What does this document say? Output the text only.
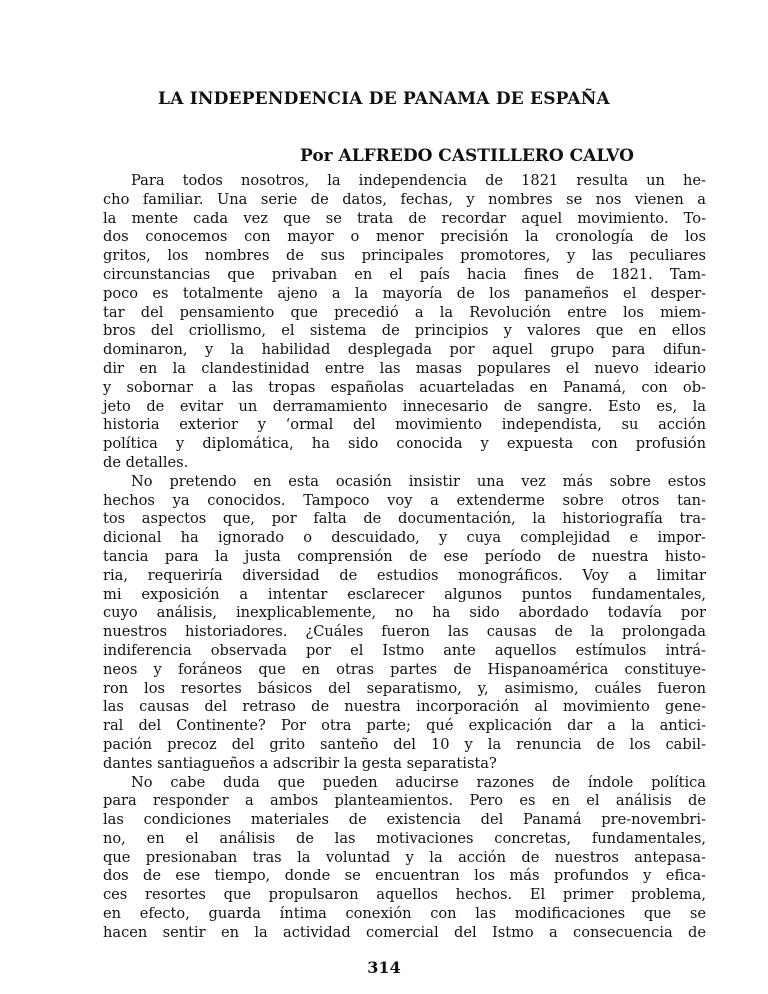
LA INDEPENDENCIA DE PANAMA DE ESPAÑA
Por ALFREDO CASTILLERO CALVO
Para todos nosotros, la independencia de 1821 resulta un he-
cho familiar. Una serie de datos, fechas, y nombres se nos vienen a
la mente cada vez que se trata de recordar aquel movimiento. To-
dos conocemos con mayor o menor precisión la cronología de los
gritos, los nombres de sus principales promotores, y las peculiares
circunstancias que privaban en el país hacia fines de 1821. Tam-
poco es totalmente ajeno a la mayoría de los panameños el desper-
tar del pensamiento que precedió a la Revolución entre los miem-
bros del criollismo, el sistema de principios y valores que en ellos
dominaron, y la habilidad desplegada por aquel grupo para difun-
dir en la clandestinidad entre las masas populares el nuevo ideario
y sobornar a las tropas españolas acuarteladas en Panamá, con ob-
jeto de evitar un derramamiento innecesario de sangre. Esto es, la
historia exterior y ‘ormal del movimiento independista, su acción
política y diplomática, ha sido conocida y expuesta con profusión
de detalles.
No pretendo en esta ocasión insistir una vez más sobre estos
hechos ya conocidos. Tampoco voy a extenderme sobre otros tan-
tos aspectos que, por falta de documentación, la historiografía tra-
dicional ha ignorado o descuidado, y cuya complejidad e impor-
tancia para la justa comprensión de ese período de nuestra histo-
ria, requeriría diversidad de estudios monográficos. Voy a limitar
mi exposición a intentar esclarecer algunos puntos fundamentales,
cuyo análisis, inexplicablemente, no ha sido abordado todavía por
nuestros historiadores. ¿Cuáles fueron las causas de la prolongada
indiferencia observada por el Istmo ante aquellos estímulos intrá-
neos y foráneos que en otras partes de Hispanoamérica constituye-
ron los resortes básicos del separatismo, y, asimismo, cuáles fueron
las causas del retraso de nuestra incorporación al movimiento gene-
ral del Continente? Por otra parte; qué explicación dar a la antici-
pación precoz del grito santeño del 10 y la renuncia de los cabil-
dantes santiagueños a adscribir la gesta separatista?
No cabe duda que pueden aducirse razones de índole política
para responder a ambos planteamientos. Pero es en el análisis de
las condiciones materiales de existencia del Panamá pre-novembri-
no, en el análisis de las motivaciones concretas, fundamentales,
que presionaban tras la voluntad y la acción de nuestros antepasa-
dos de ese tiempo, donde se encuentran los más profundos y efica-
ces resortes que propulsaron aquellos hechos. El primer problema,
en efecto, guarda íntima conexión con las modificaciones que se
hacen sentir en la actividad comercial del Istmo a consecuencia de
314
